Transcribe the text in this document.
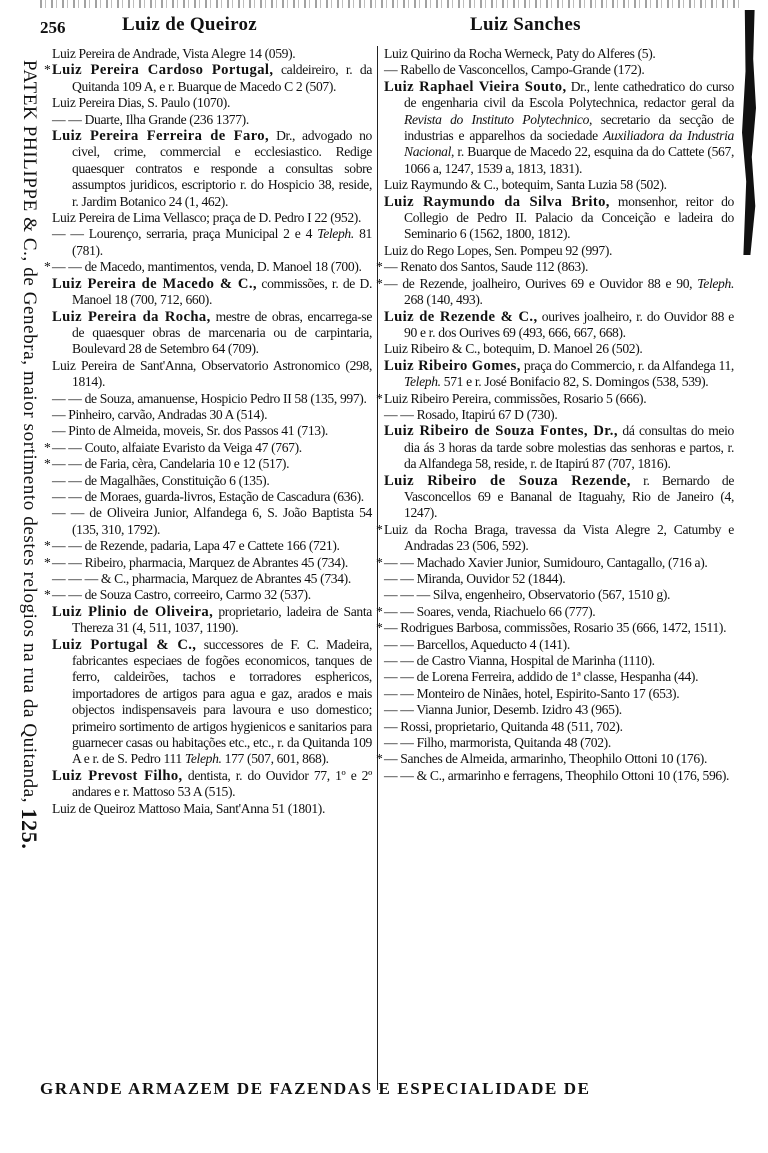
256	Luiz de Queiroz	Luiz Sanches
PATEK PHILIPPE & C., de Genebra, maior sortimento destes relogios na rua da Quitanda, 125.
Luiz Pereira de Andrade, Vista Alegre 14 (059).
* Luiz Pereira Cardoso Portugal, caldeireiro, r. da Quitanda 109 A, e r. Buarque de Macedo C 2 (507).
Luiz Pereira Dias, S. Paulo (1070).
— — Duarte, Ilha Grande (236 1377).
Luiz Pereira Ferreira de Faro, Dr., advogado no civel, crime, commercial e ecclesiastico. Redige quaesquer contratos e responde a consultas sobre assumptos juridicos, escriptorio r. do Hospicio 38, reside, r. Jardim Botanico 24 (1, 462).
Luiz Pereira de Lima Vellasco; praça de D. Pedro I 22 (952).
— — Lourenço, serraria, praça Municipal 2 e 4 Teleph. 81 (781).
* — — de Macedo, mantimentos, venda, D. Manoel 18 (700).
Luiz Pereira de Macedo & C., commissões, r. de D. Manoel 18 (700, 712, 660).
Luiz Pereira da Rocha, mestre de obras, encarrega-se de quaesquer obras de marcenaria ou de carpintaria, Boulevard 28 de Setembro 64 (709).
Luiz Pereira de Sant'Anna, Observatorio Astronomico (298, 1814).
— — de Souza, amanuense, Hospicio Pedro II 58 (135, 997).
— Pinheiro, carvão, Andradas 30 A (514).
— Pinto de Almeida, moveis, Sr. dos Passos 41 (713).
* — — Couto, alfaiate Evaristo da Veiga 47 (767).
* — — de Faria, cèra, Candelaria 10 e 12 (517).
— — de Magalhães, Constituição 6 (135).
— — de Moraes, guarda-livros, Estação de Cascadura (636).
— — de Oliveira Junior, Alfandega 6, S. João Baptista 54 (135, 310, 1792).
* — — de Rezende, padaria, Lapa 47 e Cattete 166 (721).
* — — Ribeiro, pharmacia, Marquez de Abrantes 45 (734).
— — — & C., pharmacia, Marquez de Abrantes 45 (734).
* — — de Souza Castro, correeiro, Carmo 32 (537).
Luiz Plinio de Oliveira, proprietario, ladeira de Santa Thereza 31 (4, 511, 1037, 1190).
Luiz Portugal & C., successores de F. C. Madeira, fabricantes especiaes de fogões economicos, tanques de ferro, caldeirões, tachos e torradores esphericos, importadores de artigos para agua e gaz, arados e mais objectos indispensaveis para lavoura e uso domestico; primeiro sortimento de artigos hygienicos e sanitarios para guarnecer casas ou habitações etc., etc., r. da Quitanda 109 A e r. de S. Pedro 111 Teleph. 177 (507, 601, 868).
Luiz Prevost Filho, dentista, r. do Ouvidor 77, 1º e 2º andares e r. Mattoso 53 A (515).
Luiz de Queiroz Mattoso Maia, Sant'Anna 51 (1801).
Luiz Quirino da Rocha Werneck, Paty do Alferes (5).
— Rabello de Vasconcellos, Campo-Grande (172).
Luiz Raphael Vieira Souto, Dr., lente cathedratico do curso de engenharia civil da Escola Polytechnica, redactor geral da Revista do Instituto Polytechnico, secretario da secção de industrias e apparelhos da sociedade Auxiliadora da Industria Nacional, r. Buarque de Macedo 22, esquina da do Cattete (567, 1066 a, 1247, 1539 a, 1813, 1831).
Luiz Raymundo & C., botequim, Santa Luzia 58 (502).
Luiz Raymundo da Silva Brito, monsenhor, reitor do Collegio de Pedro II. Palacio da Conceição e ladeira do Seminario 6 (1562, 1800, 1812).
Luiz do Rego Lopes, Sen. Pompeu 92 (997).
* — Renato dos Santos, Saude 112 (863).
* — de Rezende, joalheiro, Ourives 69 e Ouvidor 88 e 90, Teleph. 268 (140, 493).
Luiz de Rezende & C., ourives joalheiro, r. do Ouvidor 88 e 90 e r. dos Ourives 69 (493, 666, 667, 668).
Luiz Ribeiro & C., botequim, D. Manoel 26 (502).
Luiz Ribeiro Gomes, praça do Commercio, r. da Alfandega 11, Teleph. 571 e r. José Bonifacio 82, S. Domingos (538, 539).
* Luiz Ribeiro Pereira, commissões, Rosario 5 (666).
— — Rosado, Itapirú 67 D (730).
Luiz Ribeiro de Souza Fontes, Dr., dá consultas do meio dia ás 3 horas da tarde sobre molestias das senhoras e partos, r. da Alfandega 58, reside, r. de Itapirú 87 (707, 1816).
Luiz Ribeiro de Souza Rezende, r. Bernardo de Vasconcellos 69 e Bananal de Itaguahy, Rio de Janeiro (4, 1247).
* Luiz da Rocha Braga, travessa da Vista Alegre 2, Catumby e Andradas 23 (506, 592).
* — — Machado Xavier Junior, Sumidouro, Cantagallo, (716 a).
— — Miranda, Ouvidor 52 (1844).
— — — Silva, engenheiro, Observatorio (567, 1510 g).
* — — Soares, venda, Riachuelo 66 (777).
* — Rodrigues Barbosa, commissões, Rosario 35 (666, 1472, 1511).
— — Barcellos, Aqueducto 4 (141).
— — de Castro Vianna, Hospital de Marinha (1110).
— — de Lorena Ferreira, addido de 1ª classe, Hespanha (44).
— — Monteiro de Ninães, hotel, Espirito-Santo 17 (653).
— — Vianna Junior, Desemb. Izidro 43 (965).
— Rossi, proprietario, Quitanda 48 (511, 702).
— — Filho, marmorista, Quitanda 48 (702).
* — Sanches de Almeida, armarinho, Theophilo Ottoni 10 (176).
— — & C., armarinho e ferragens, Theophilo Ottoni 10 (176, 596).
GRANDE ARMAZEM DE FAZENDAS E ESPECIALIDADE DE
